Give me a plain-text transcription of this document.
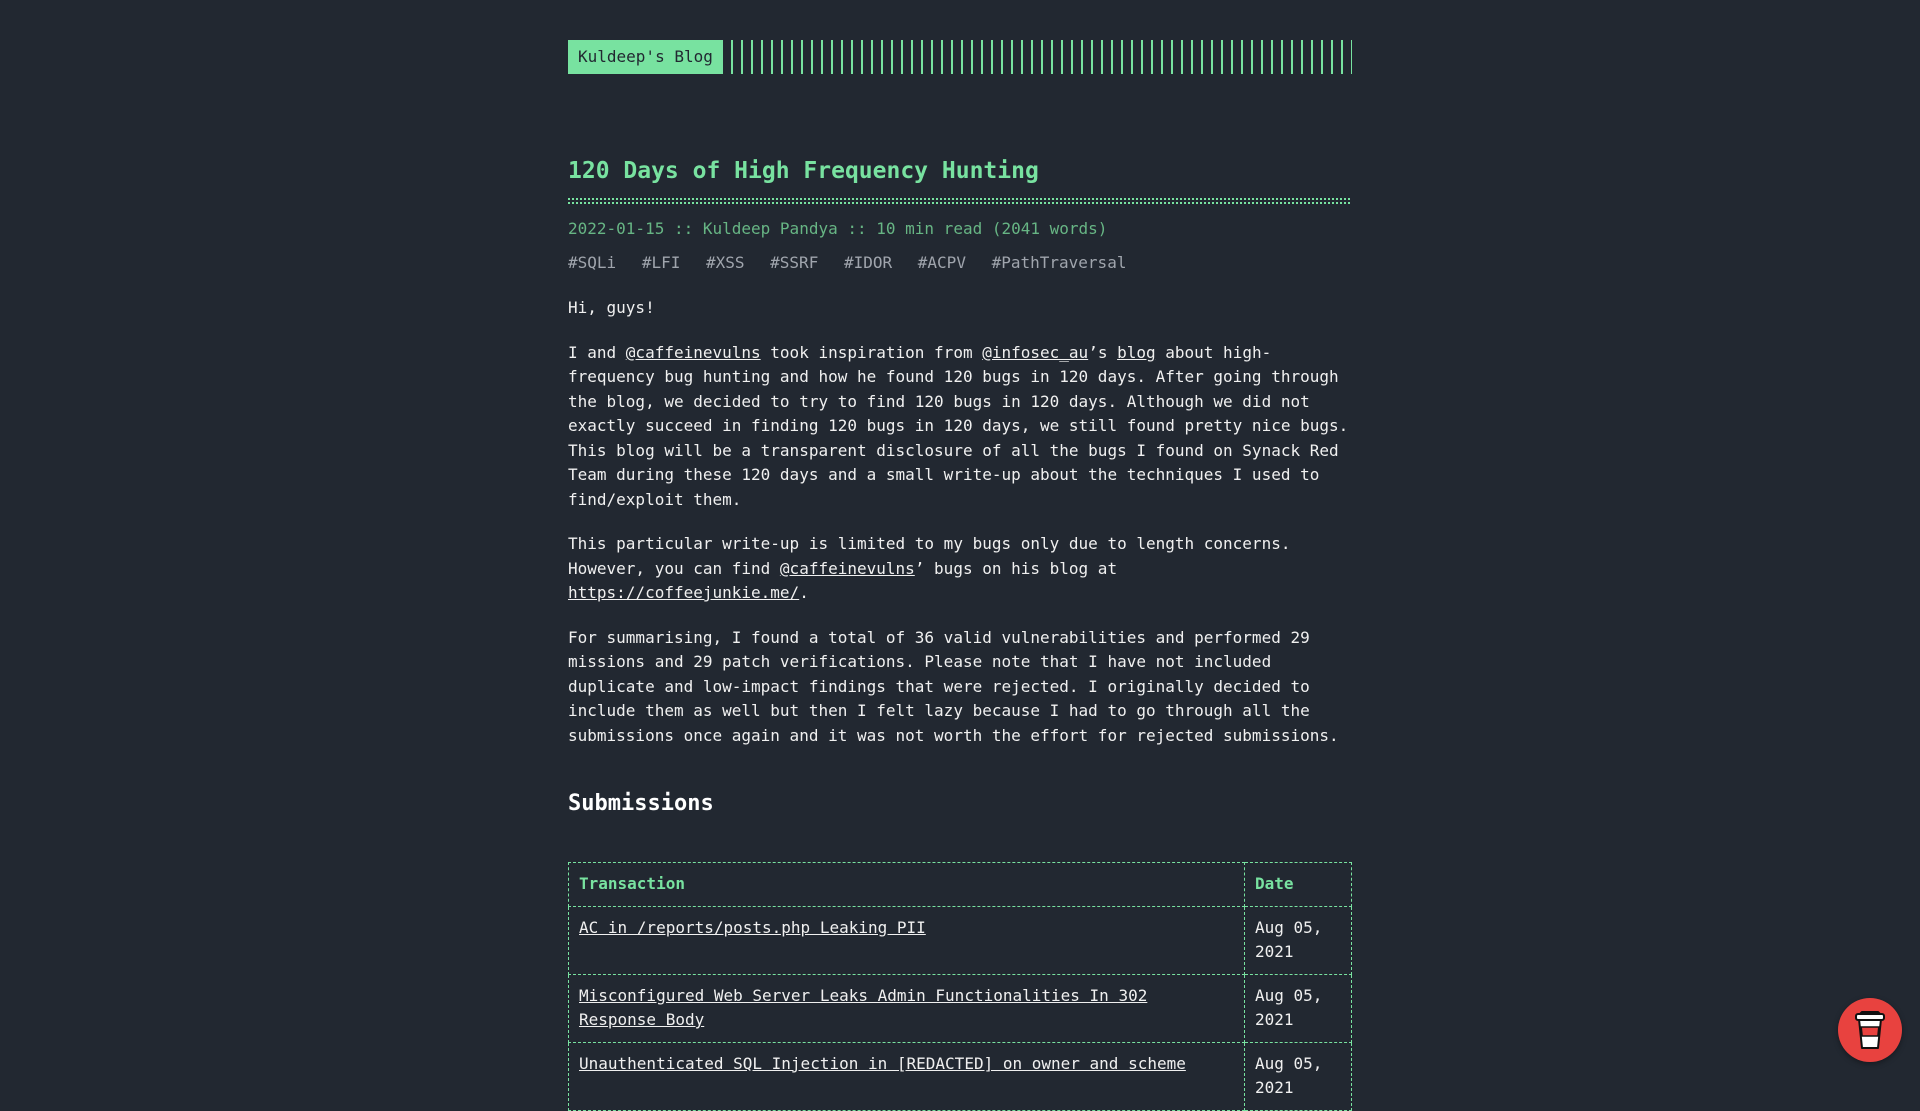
Kuldeep's Blog
120 Days of High Frequency Hunting
2022-01-15 :: Kuldeep Pandya :: 10 min read (2041 words)
#SQLi #LFI #XSS #SSRF #IDOR #ACPV #PathTraversal

Hi, guys!

I and @caffeinevulns took inspiration from @infosec_au’s blog about high-frequency bug hunting and how he found 120 bugs in 120 days. After going through the blog, we decided to try to find 120 bugs in 120 days. Although we did not exactly succeed in finding 120 bugs in 120 days, we still found pretty nice bugs. This blog will be a transparent disclosure of all the bugs I found on Synack Red Team during these 120 days and a small write-up about the techniques I used to find/exploit them.

This particular write-up is limited to my bugs only due to length concerns. However, you can find @caffeinevulns’ bugs on his blog at https://coffeejunkie.me/.

For summarising, I found a total of 36 valid vulnerabilities and performed 29 missions and 29 patch verifications. Please note that I have not included duplicate and low-impact findings that were rejected. I originally decided to include them as well but then I felt lazy because I had to go through all the submissions once again and it was not worth the effort for rejected submissions.

Submissions
Transaction	Date
AC in /reports/posts.php Leaking PII	Aug 05, 2021
Misconfigured Web Server Leaks Admin Functionalities In 302 Response Body	Aug 05, 2021
Unauthenticated SQL Injection in [REDACTED] on owner and scheme	Aug 05, 2021
